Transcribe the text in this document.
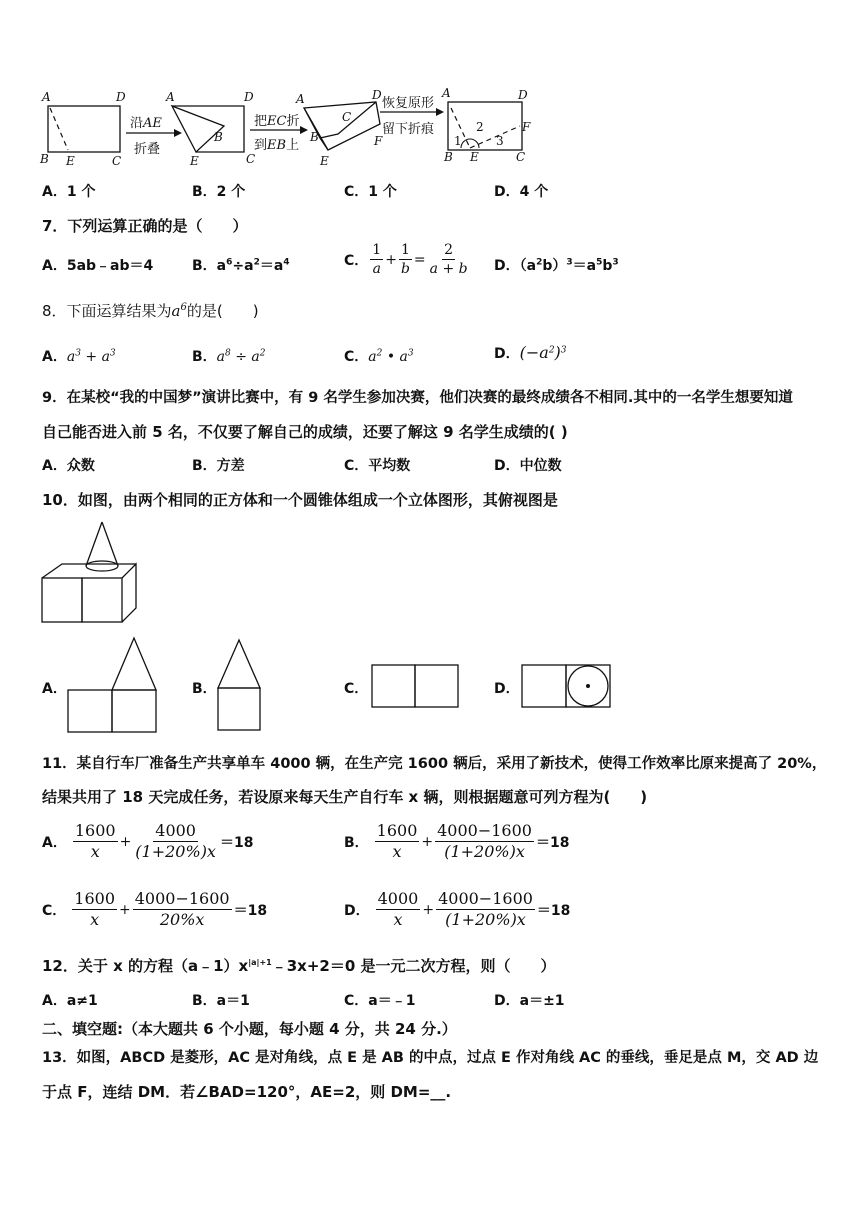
A	D
B E	C
A	D
B
E	C
A	D
C
B	F
E
A	D
F
B E	C
1
2
3
沿AE
折叠
把EC折
到EB上
恢复原形
留下折痕
A．1 个	B．2 个	C．1 个	D．4 个
7．下列运算正确的是（　　）
A．5ab﹣ab＝4	B．$a^6\div a^2=a^4$	C． $\frac{1}{a} + \frac{1}{b} = \frac{2}{a + b}$ D．$(a^2b)^3=a^5b^3$
8．下面运算结果为$a^6$的是(　　)
A．$a^3 + a^3$	B．$a^8 \div a^2$	C．$a^2$ • $a^3$	D．$(-a^2)^3$
9．在某校“我的中国梦”演讲比赛中，有 9 名学生参加决赛，他们决赛的最终成绩各不相同.其中的一名学生想要知道
自己能否进入前 5 名，不仅要了解自己的成绩，还要了解这 9 名学生成绩的( )
A．众数	B．方差	C．平均数	D．中位数
10．如图，由两个相同的正方体和一个圆锥体组成一个立体图形，其俯视图是
A．	B．	C．	D．
11．某自行车厂准备生产共享单车 4000 辆，在生产完 1600 辆后，采用了新技术，使得工作效率比原来提高了 20%，
结果共用了 18 天完成任务，若设原来每天生产自行车 x 辆，则根据题意可列方程为(　　)
A． $\frac{1600}{x} + \frac{4000}{(1+20\%)x} =18$	B． $\frac{1600}{x} + \frac{4000-1600}{(1+20\%)x} =18$
C． $\frac{1600}{x} + \frac{4000-1600}{20\%x} =18$	D． $\frac{4000}{x} + \frac{4000-1600}{(1+20\%)x} =18$
12．关于 x 的方程$(a﹣1)x^{|a|+1}﹣3x+2=0$ 是一元二次方程，则（　　）
A．a≠1	B．a＝1	C．a＝﹣1	D．a＝±1
二、填空题:（本大题共 6 个小题，每小题 4 分，共 24 分.）
13．如图，ABCD 是菱形，AC 是对角线，点 E 是 AB 的中点，过点 E 作对角线 AC 的垂线，垂足是点 M，交 AD 边
于点 F，连结 DM．若∠BAD=120°，AE=2，则 DM=__.
